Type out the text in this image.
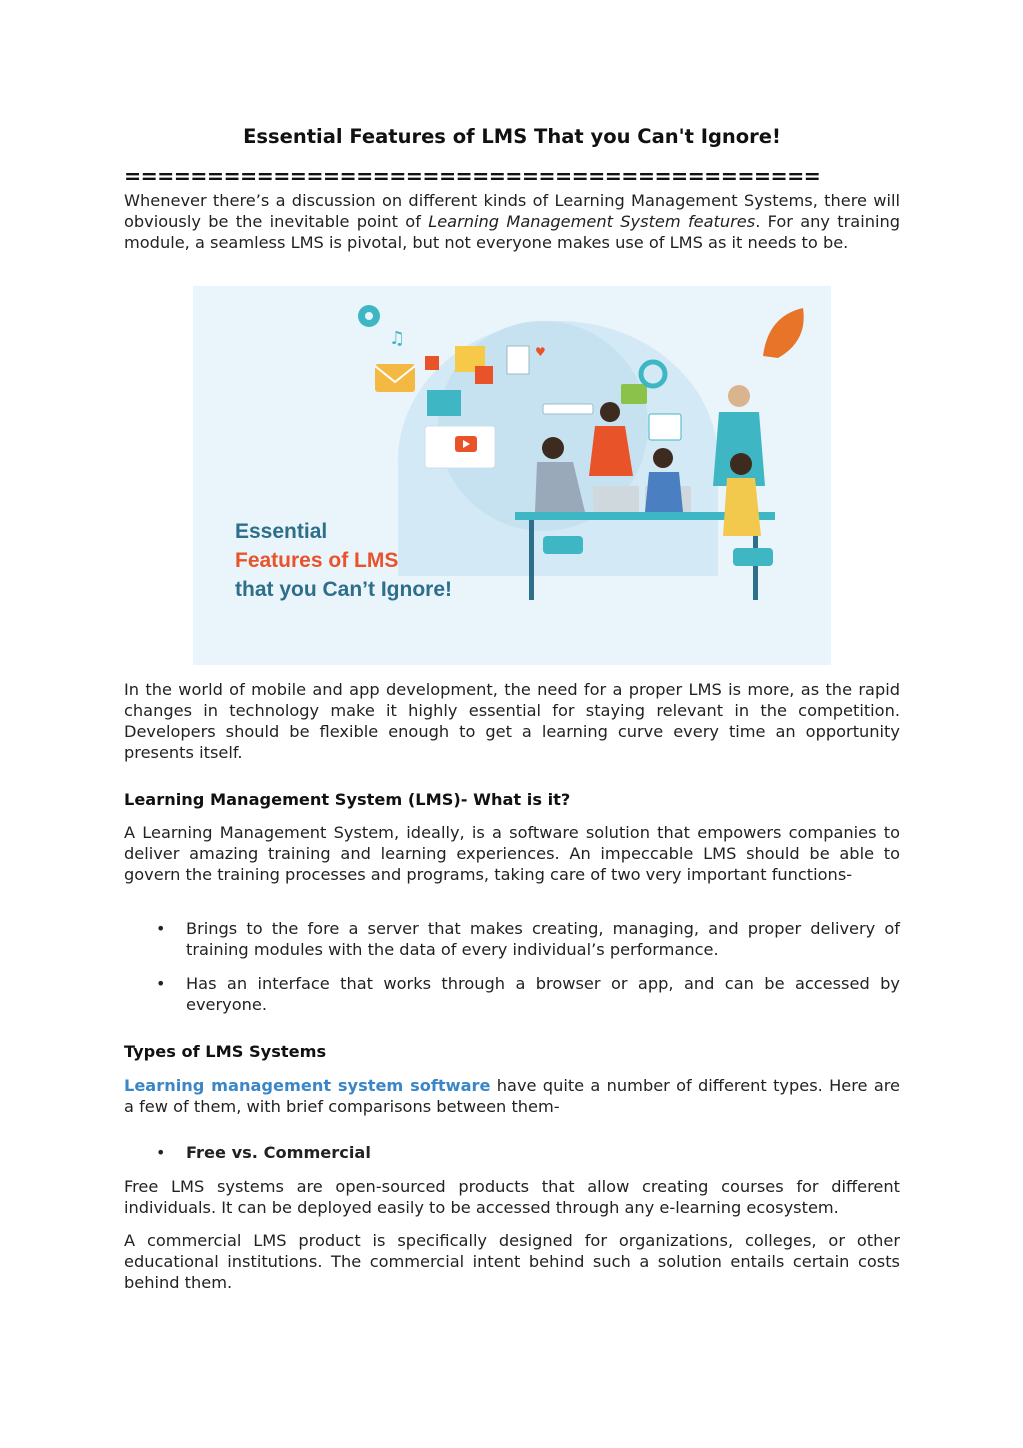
Essential Features of LMS That you Can't Ignore!

==========================================

Whenever there’s a discussion on different kinds of Learning Management Systems, there will obviously be the inevitable point of Learning Management System features. For any training module, a seamless LMS is pivotal, but not everyone makes use of LMS as it needs to be.

♫
♥
Essential
Features of LMS
that you Can’t Ignore!

In the world of mobile and app development, the need for a proper LMS is more, as the rapid changes in technology make it highly essential for staying relevant in the competition. Developers should be flexible enough to get a learning curve every time an opportunity presents itself.

Learning Management System (LMS)- What is it?

A Learning Management System, ideally, is a software solution that empowers companies to deliver amazing training and learning experiences. An impeccable LMS should be able to govern the training processes and programs, taking care of two very important functions-

• Brings to the fore a server that makes creating, managing, and proper delivery of training modules with the data of every individual’s performance.
• Has an interface that works through a browser or app, and can be accessed by everyone.

Types of LMS Systems

Learning management system software have quite a number of different types. Here are a few of them, with brief comparisons between them-

• Free vs. Commercial

Free LMS systems are open-sourced products that allow creating courses for different individuals. It can be deployed easily to be accessed through any e-learning ecosystem.

A commercial LMS product is specifically designed for organizations, colleges, or other educational institutions. The commercial intent behind such a solution entails certain costs behind them.
